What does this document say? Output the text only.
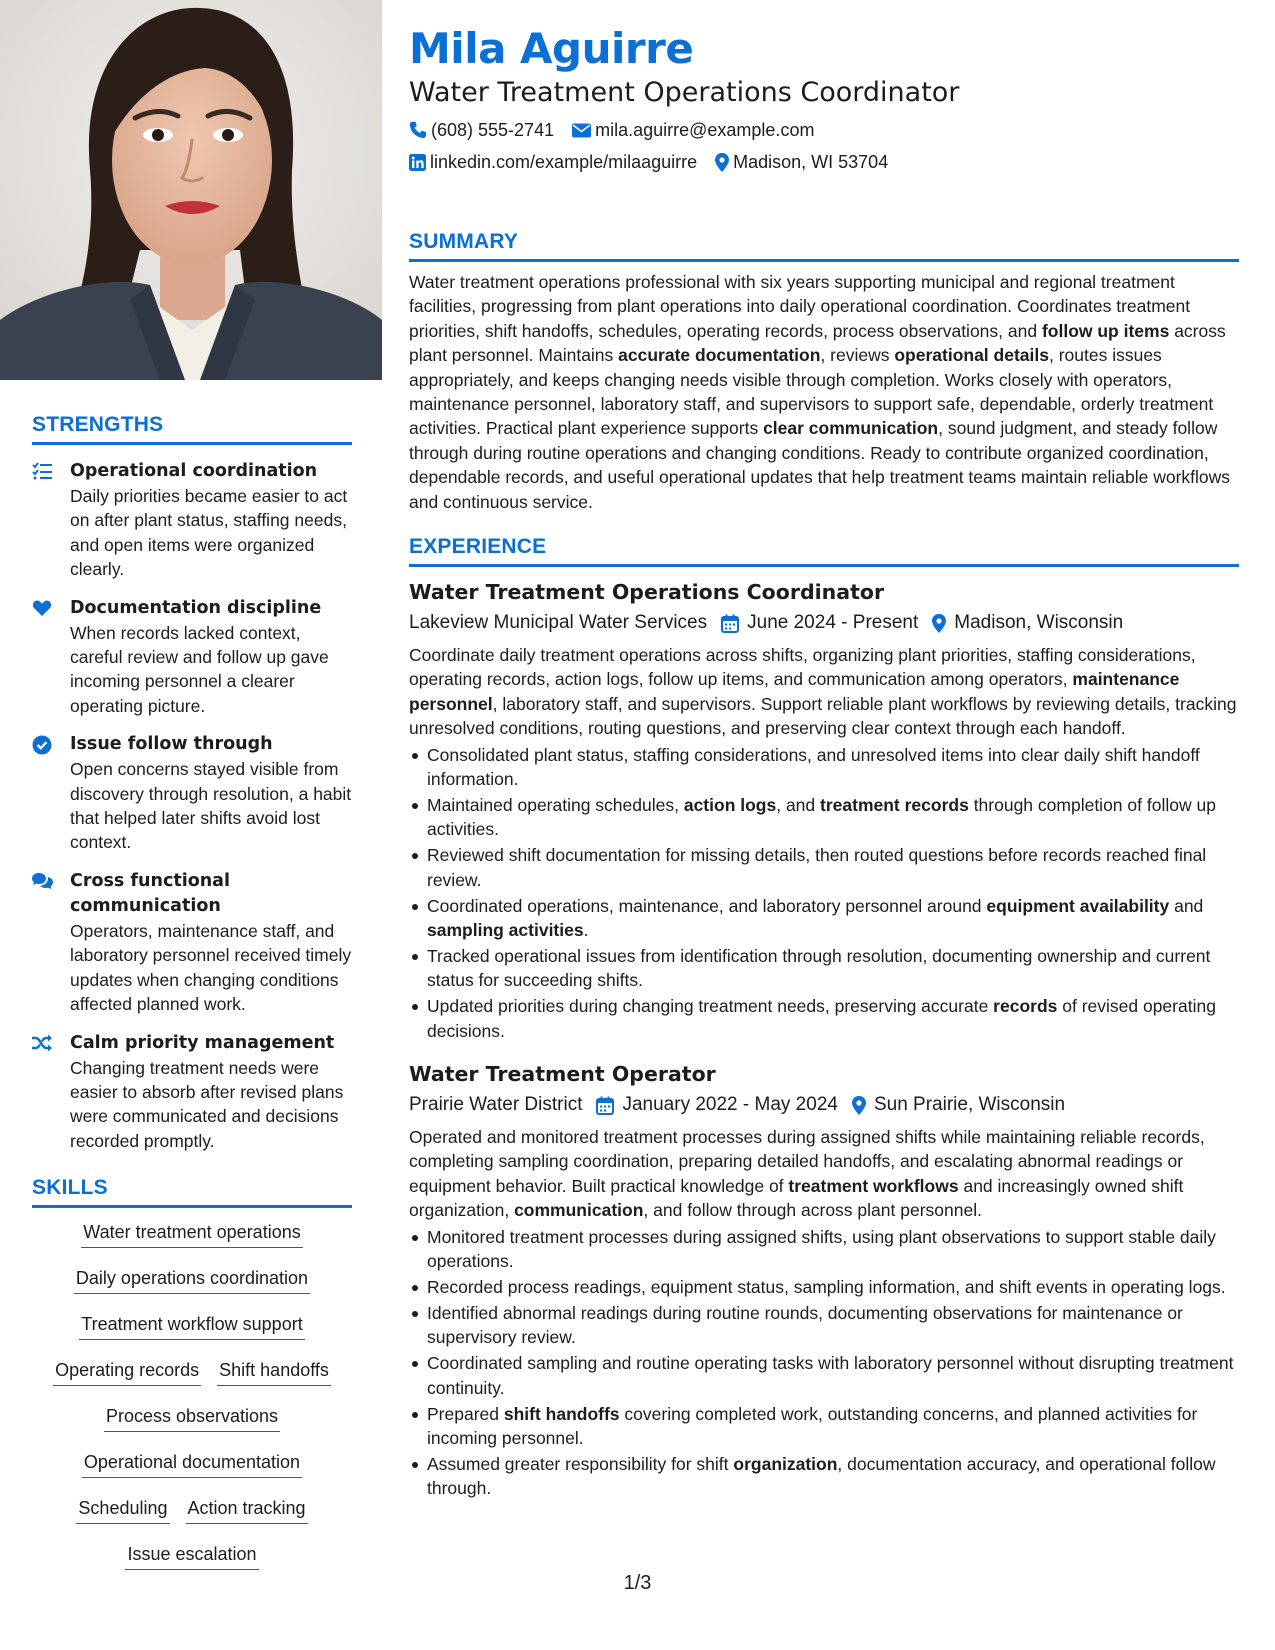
STRENGTHS
Operational coordination
Daily priorities became easier to act on after plant status, staffing needs, and open items were organized clearly.
Documentation discipline
When records lacked context, careful review and follow up gave incoming personnel a clearer operating picture.
Issue follow through
Open concerns stayed visible from discovery through resolution, a habit that helped later shifts avoid lost context.
Cross functional communication
Operators, maintenance staff, and laboratory personnel received timely updates when changing conditions affected planned work.
Calm priority management
Changing treatment needs were easier to absorb after revised plans were communicated and decisions recorded promptly.
SKILLS
Water treatment operations
Daily operations coordination
Treatment workflow support
Operating records Shift handoffs
Process observations
Operational documentation
Scheduling Action tracking
Issue escalation
Mila Aguirre
Water Treatment Operations Coordinator
(608) 555-2741 mila.aguirre@example.com
linkedin.com/example/milaaguirre Madison, WI 53704
SUMMARY
Water treatment operations professional with six years supporting municipal and regional treatment facilities, progressing from plant operations into daily operational coordination. Coordinates treatment priorities, shift handoffs, schedules, operating records, process observations, and follow up items across plant personnel. Maintains accurate documentation, reviews operational details, routes issues appropriately, and keeps changing needs visible through completion. Works closely with operators, maintenance personnel, laboratory staff, and supervisors to support safe, dependable, orderly treatment activities. Practical plant experience supports clear communication, sound judgment, and steady follow through during routine operations and changing conditions. Ready to contribute organized coordination, dependable records, and useful operational updates that help treatment teams maintain reliable workflows and continuous service.
EXPERIENCE
Water Treatment Operations Coordinator
Lakeview Municipal Water Services June 2024 - Present Madison, Wisconsin
Coordinate daily treatment operations across shifts, organizing plant priorities, staffing considerations, operating records, action logs, follow up items, and communication among operators, maintenance personnel, laboratory staff, and supervisors. Support reliable plant workflows by reviewing details, tracking unresolved conditions, routing questions, and preserving clear context through each handoff.
Consolidated plant status, staffing considerations, and unresolved items into clear daily shift handoff information.
Maintained operating schedules, action logs, and treatment records through completion of follow up activities.
Reviewed shift documentation for missing details, then routed questions before records reached final review.
Coordinated operations, maintenance, and laboratory personnel around equipment availability and sampling activities.
Tracked operational issues from identification through resolution, documenting ownership and current status for succeeding shifts.
Updated priorities during changing treatment needs, preserving accurate records of revised operating decisions.
Water Treatment Operator
Prairie Water District January 2022 - May 2024 Sun Prairie, Wisconsin
Operated and monitored treatment processes during assigned shifts while maintaining reliable records, completing sampling coordination, preparing detailed handoffs, and escalating abnormal readings or equipment behavior. Built practical knowledge of treatment workflows and increasingly owned shift organization, communication, and follow through across plant personnel.
Monitored treatment processes during assigned shifts, using plant observations to support stable daily operations.
Recorded process readings, equipment status, sampling information, and shift events in operating logs.
Identified abnormal readings during routine rounds, documenting observations for maintenance or supervisory review.
Coordinated sampling and routine operating tasks with laboratory personnel without disrupting treatment continuity.
Prepared shift handoffs covering completed work, outstanding concerns, and planned activities for incoming personnel.
Assumed greater responsibility for shift organization, documentation accuracy, and operational follow through.
1/3
